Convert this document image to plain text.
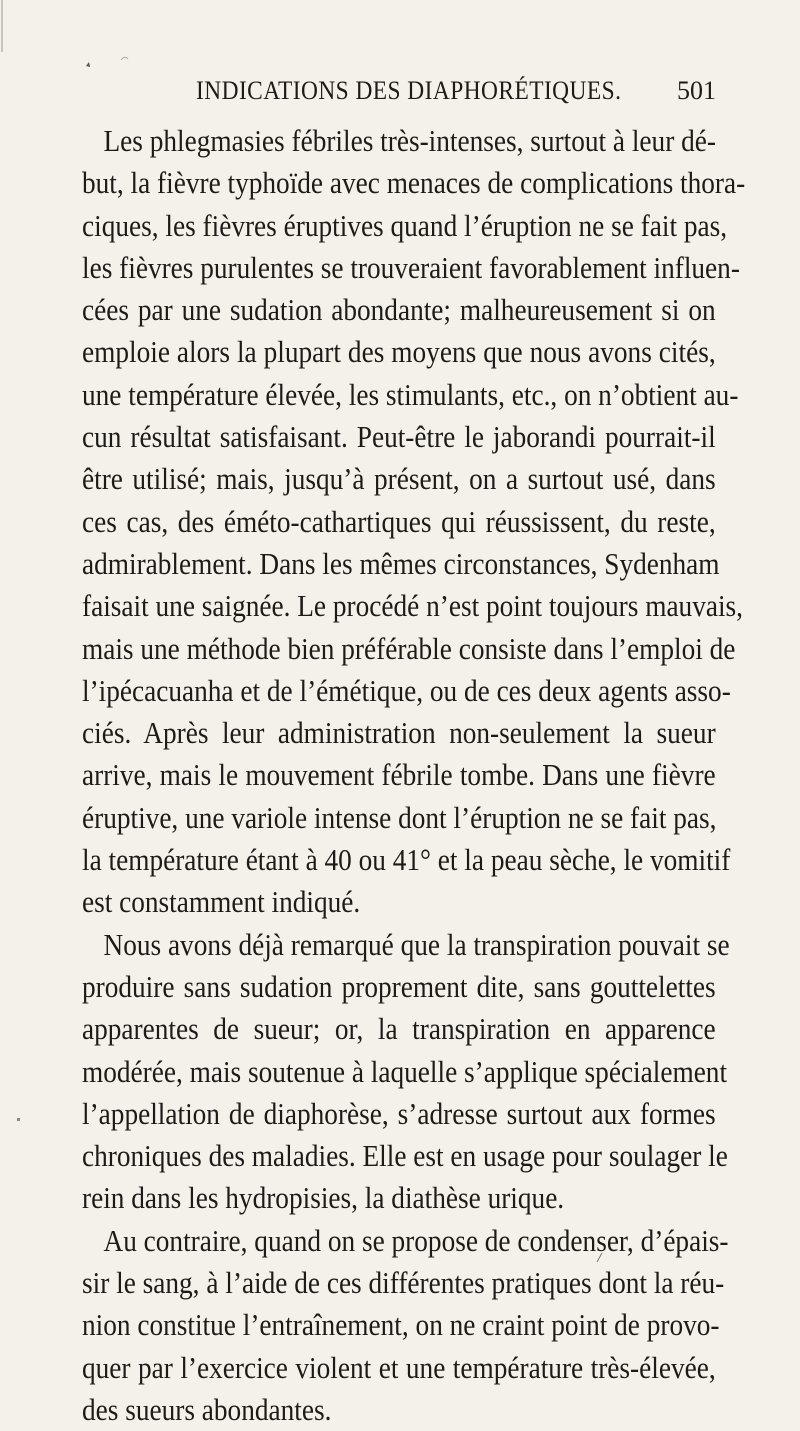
INDICATIONS DES DIAPHORÉTIQUES. 501
Les phlegmasies fébriles très-intenses, surtout à leur dé-
but, la fièvre typhoïde avec menaces de complications thora-
ciques, les fièvres éruptives quand l’éruption ne se fait pas,
les fièvres purulentes se trouveraient favorablement influen-
cées par une sudation abondante; malheureusement si on
emploie alors la plupart des moyens que nous avons cités,
une température élevée, les stimulants, etc., on n’obtient au-
cun résultat satisfaisant. Peut-être le jaborandi pourrait-il
être utilisé; mais, jusqu’à présent, on a surtout usé, dans
ces cas, des éméto-cathartiques qui réussissent, du reste,
admirablement. Dans les mêmes circonstances, Sydenham
faisait une saignée. Le procédé n’est point toujours mauvais,
mais une méthode bien préférable consiste dans l’emploi de
l’ipécacuanha et de l’émétique, ou de ces deux agents asso-
ciés. Après leur administration non-seulement la sueur
arrive, mais le mouvement fébrile tombe. Dans une fièvre
éruptive, une variole intense dont l’éruption ne se fait pas,
la température étant à 40 ou 41° et la peau sèche, le vomitif
est constamment indiqué.
Nous avons déjà remarqué que la transpiration pouvait se
produire sans sudation proprement dite, sans gouttelettes
apparentes de sueur; or, la transpiration en apparence
modérée, mais soutenue à laquelle s’applique spécialement
l’appellation de diaphorèse, s’adresse surtout aux formes
chroniques des maladies. Elle est en usage pour soulager le
rein dans les hydropisies, la diathèse urique.
Au contraire, quand on se propose de condenser, d’épais-
sir le sang, à l’aide de ces différentes pratiques dont la réu-
nion constitue l’entraînement, on ne craint point de provo-
quer par l’exercice violent et une température très-élevée,
des sueurs abondantes.
